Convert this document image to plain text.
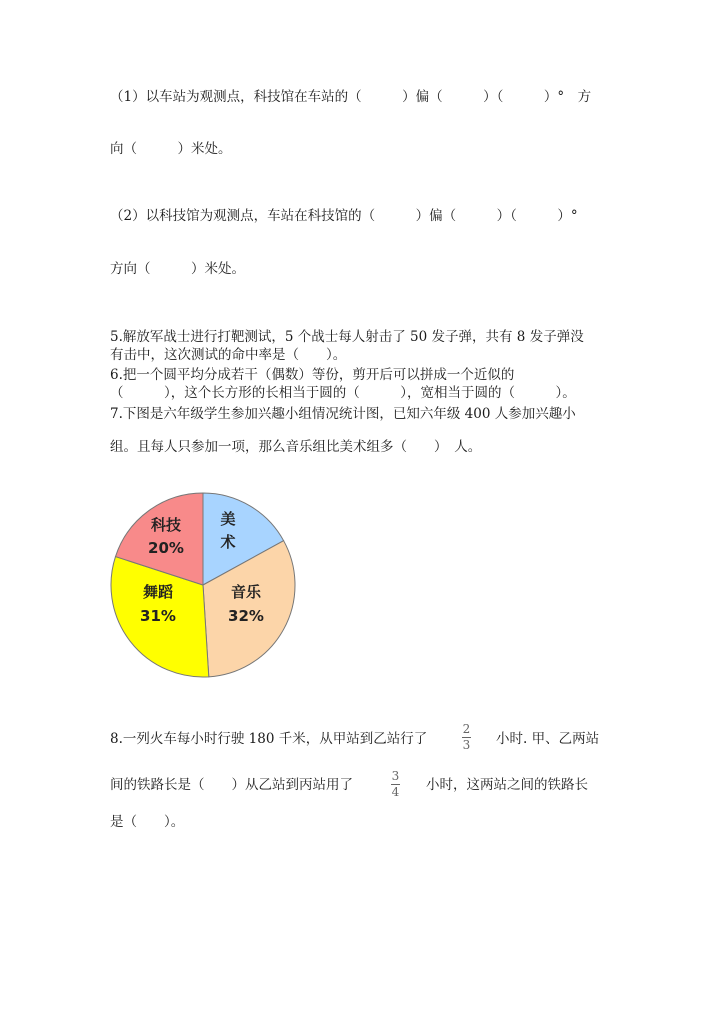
（1）以车站为观测点，科技馆在车站的（　　　）偏（　　　）（　　　）°　方
向（　　　）米处。
（2）以科技馆为观测点，车站在科技馆的（　　　）偏（　　　）（　　　）°
方向（　　　）米处。
5.解放军战士进行打靶测试，5 个战士每人射击了 50 发子弹，共有 8 发子弹没
有击中，这次测试的命中率是（　　）。
6.把一个圆平均分成若干（偶数）等份，剪开后可以拼成一个近似的
（　　　），这个长方形的长相当于圆的（　　　），宽相当于圆的（　　　）。
7.下图是六年级学生参加兴趣小组情况统计图，已知六年级 400 人参加兴趣小
组。且每人只参加一项，那么音乐组比美术组多（　　）　人。
美
术
音乐
32%
舞蹈
31%
科技
20%
8.一列火车每小时行驶 180 千米，从甲站到乙站行了
2
3 小时. 甲、乙两站
间的铁路长是（　　）从乙站到丙站用了
3
4 小时，这两站之间的铁路长
是（　　）。
